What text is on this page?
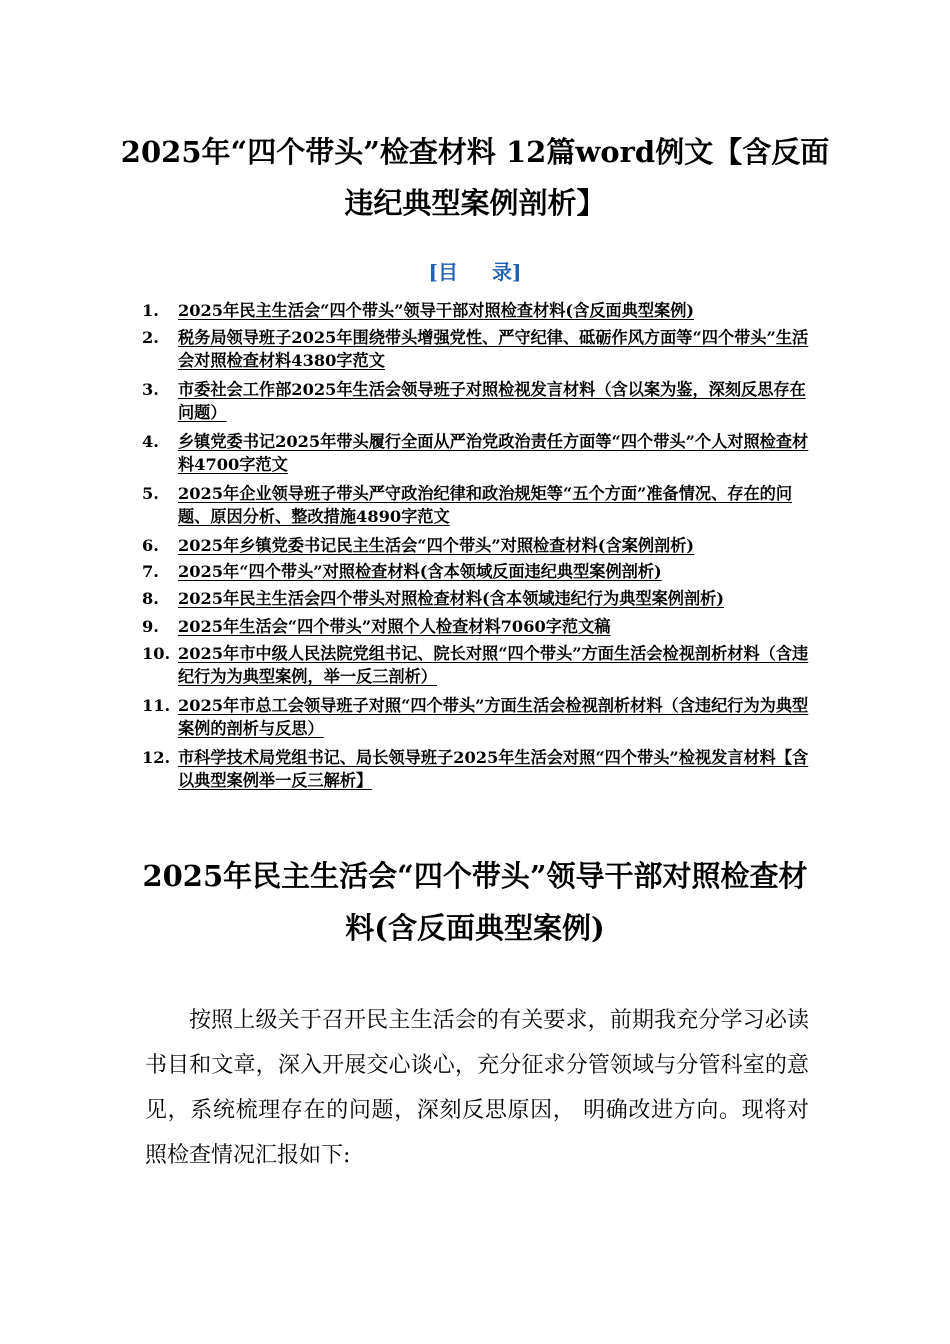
2025年“四个带头”检查材料 12篇word例文【含反面违纪典型案例剖析】
[目 录]
1.	2025年民主生活会“四个带头”领导干部对照检查材料(含反面典型案例)
2.	税务局领导班子2025年围绕带头增强党性、严守纪律、砥砺作风方面等“四个带头”生活会对照检查材料4380字范文
3.	市委社会工作部2025年生活会领导班子对照检视发言材料（含以案为鉴，深刻反思存在问题）
4.	乡镇党委书记2025年带头履行全面从严治党政治责任方面等“四个带头”个人对照检查材料4700字范文
5.	2025年企业领导班子带头严守政治纪律和政治规矩等“五个方面”准备情况、存在的问题、原因分析、整改措施4890字范文
6.	2025年乡镇党委书记民主生活会“四个带头”对照检查材料(含案例剖析)
7.	2025年“四个带头”对照检查材料(含本领域反面违纪典型案例剖析)
8.	2025年民主生活会四个带头对照检查材料(含本领域违纪行为典型案例剖析)
9.	2025年生活会“四个带头”对照个人检查材料7060字范文稿
10. 2025年市中级人民法院党组书记、院长对照“四个带头”方面生活会检视剖析材料（含违纪行为为典型案例，举一反三剖析）
11. 2025年市总工会领导班子对照“四个带头”方面生活会检视剖析材料（含违纪行为为典型案例的剖析与反思）
12. 市科学技术局党组书记、局长领导班子2025年生活会对照“四个带头”检视发言材料【含以典型案例举一反三解析】
2025年民主生活会“四个带头”领导干部对照检查材料(含反面典型案例)

按照上级关于召开民主生活会的有关要求，前期我充分学习必读书目和文章，深入开展交心谈心，充分征求分管领域与分管科室的意见，系统梳理存在的问题，深刻反思原因， 明确改进方向。现将对照检查情况汇报如下:
